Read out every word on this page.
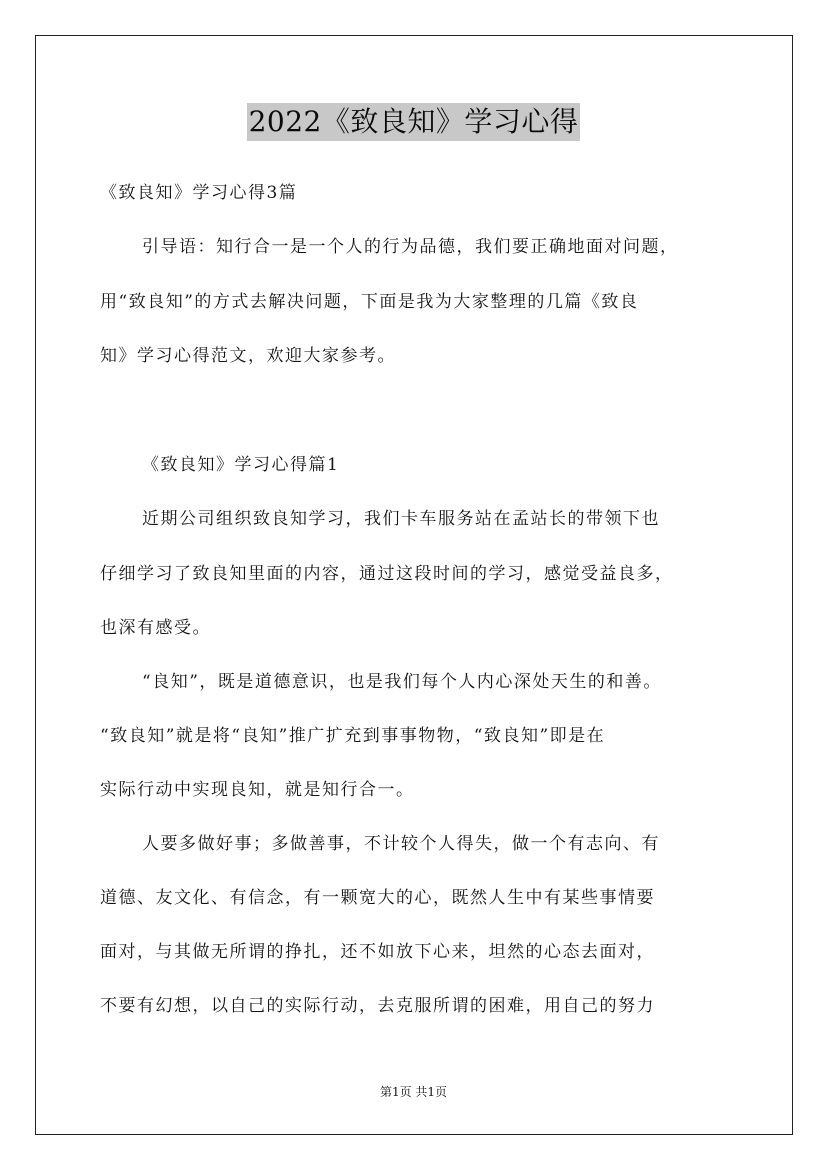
2022《致良知》学习心得
《致良知》学习心得3篇
引导语：知行合一是一个人的行为品德，我们要正确地面对问题，
用“致良知”的方式去解决问题，下面是我为大家整理的几篇《致良
知》学习心得范文，欢迎大家参考。
《致良知》学习心得篇1
近期公司组织致良知学习，我们卡车服务站在孟站长的带领下也
仔细学习了致良知里面的内容，通过这段时间的学习，感觉受益良多，
也深有感受。
“良知”，既是道德意识，也是我们每个人内心深处天生的和善。
“致良知”就是将“良知”推广扩充到事事物物，“致良知”即是在
实际行动中实现良知，就是知行合一。
人要多做好事；多做善事，不计较个人得失，做一个有志向、有
道德、友文化、有信念，有一颗宽大的心，既然人生中有某些事情要
面对，与其做无所谓的挣扎，还不如放下心来，坦然的心态去面对，
不要有幻想，以自己的实际行动，去克服所谓的困难，用自己的努力
第1页 共1页
